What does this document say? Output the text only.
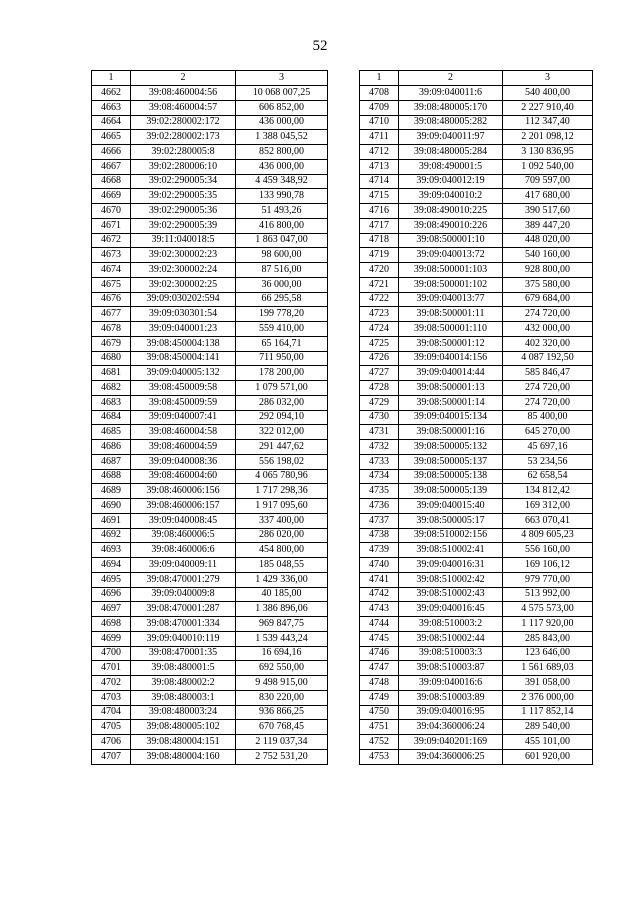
52
1	2	3
4662	39:08:460004:56	10 068 007,25
4663	39:08:460004:57	606 852,00
4664	39:02:280002:172	436 000,00
4665	39:02:280002:173	1 388 045,52
4666	39:02:280005:8	852 800,00
4667	39:02:280006:10	436 000,00
4668	39:02:290005:34	4 459 348,92
4669	39:02:290005:35	133 990,78
4670	39:02:290005:36	51 493,26
4671	39:02:290005:39	416 800,00
4672	39:11:040018:5	1 863 047,00
4673	39:02:300002:23	98 600,00
4674	39:02:300002:24	87 516,00
4675	39:02:300002:25	36 000,00
4676	39:09:030202:594	66 295,58
4677	39:09:030301:54	199 778,20
4678	39:09:040001:23	559 410,00
4679	39:08:450004:138	65 164,71
4680	39:08:450004:141	711 950,00
4681	39:09:040005:132	178 200,00
4682	39:08:450009:58	1 079 571,00
4683	39:08:450009:59	286 032,00
4684	39:09:040007:41	292 094,10
4685	39:08:460004:58	322 012,00
4686	39:08:460004:59	291 447,62
4687	39:09:040008:36	556 198,02
4688	39:08:460004:60	4 065 780,96
4689	39:08:460006:156	1 717 298,36
4690	39:08:460006:157	1 917 095,60
4691	39:09:040008:45	337 400,00
4692	39:08:460006:5	286 020,00
4693	39:08:460006:6	454 800,00
4694	39:09:040009:11	185 048,55
4695	39:08:470001:279	1 429 336,00
4696	39:09:040009:8	40 185,00
4697	39:08:470001:287	1 386 896,06
4698	39:08:470001:334	969 847,75
4699	39:09:040010:119	1 539 443,24
4700	39:08:470001:35	16 694,16
4701	39:08:480001:5	692 550,00
4702	39:08:480002:2	9 498 915,00
4703	39:08:480003:1	830 220,00
4704	39:08:480003:24	936 866,25
4705	39:08:480005:102	670 768,45
4706	39:08:480004:151	2 119 037,34
4707	39:08:480004:160	2 752 531,20
1	2	3
4708	39:09:040011:6	540 400,00
4709	39:08:480005:170	2 227 910,40
4710	39:08:480005:282	112 347,40
4711	39:09:040011:97	2 201 098,12
4712	39:08:480005:284	3 130 836,95
4713	39:08:490001:5	1 092 540,00
4714	39:09:040012:19	709 597,00
4715	39:09:040010:2	417 680,00
4716	39:08:490010:225	390 517,60
4717	39:08:490010:226	389 447,20
4718	39:08:500001:10	448 020,00
4719	39:09:040013:72	540 160,00
4720	39:08:500001:103	928 800,00
4721	39:08:500001:102	375 580,00
4722	39:09:040013:77	679 684,00
4723	39:08:500001:11	274 720,00
4724	39:08:500001:110	432 000,00
4725	39:08:500001:12	402 320,00
4726	39:09:040014:156	4 087 192,50
4727	39:09:040014:44	585 846,47
4728	39:08:500001:13	274 720,00
4729	39:08:500001:14	274 720,00
4730	39:09:040015:134	85 400,00
4731	39:08:500001:16	645 270,00
4732	39:08:500005:132	45 697,16
4733	39:08:500005:137	53 234,56
4734	39:08:500005:138	62 658,54
4735	39:08:500005:139	134 812,42
4736	39:09:040015:40	169 312,00
4737	39:08:500005:17	663 070,41
4738	39:08:510002:156	4 809 605,23
4739	39:08:510002:41	556 160,00
4740	39:09:040016:31	169 106,12
4741	39:08:510002:42	979 770,00
4742	39:08:510002:43	513 992,00
4743	39:09:040016:45	4 575 573,00
4744	39:08:510003:2	1 117 920,00
4745	39:08:510002:44	285 843,00
4746	39:08:510003:3	123 646,00
4747	39:08:510003:87	1 561 689,03
4748	39:09:040016:6	391 058,00
4749	39:08:510003:89	2 376 000,00
4750	39:09:040016:95	1 117 852,14
4751	39:04:360006:24	289 540,00
4752	39:09:040201:169	455 101,00
4753	39:04:360006:25	601 920,00
